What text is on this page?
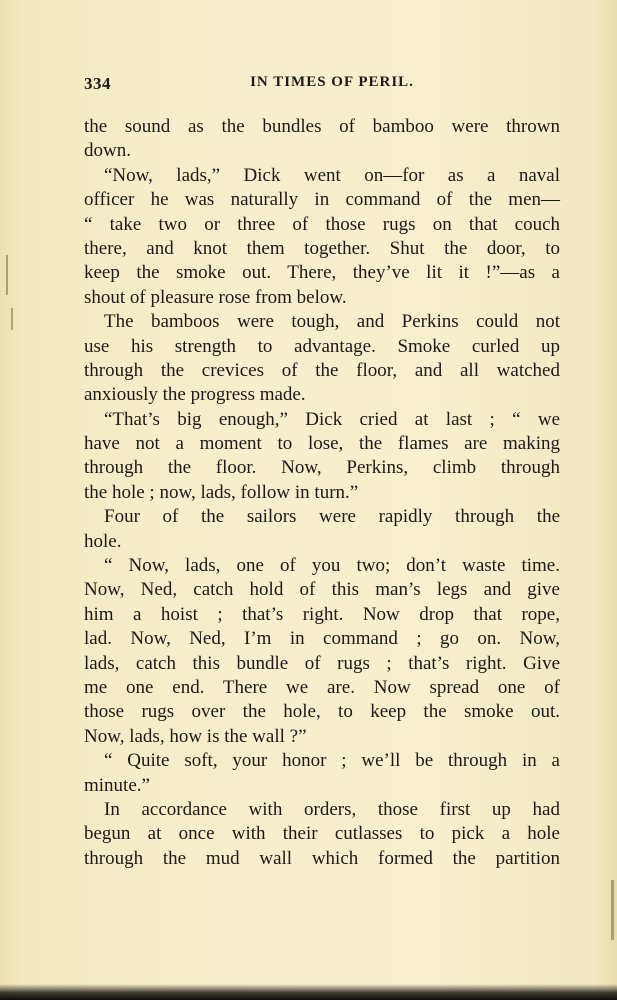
334	IN TIMES OF PERIL.
the sound as the bundles of bamboo were thrown
down.
“Now, lads,” Dick went on—for as a naval
officer he was naturally in command of the men—
“ take two or three of those rugs on that couch
there, and knot them together. Shut the door, to
keep the smoke out. There, they’ve lit it !”—as a
shout of pleasure rose from below.
The bamboos were tough, and Perkins could not
use his strength to advantage. Smoke curled up
through the crevices of the floor, and all watched
anxiously the progress made.
“That’s big enough,” Dick cried at last ; “ we
have not a moment to lose, the flames are making
through the floor. Now, Perkins, climb through
the hole ; now, lads, follow in turn.”
Four of the sailors were rapidly through the
hole.
“ Now, lads, one of you two; don’t waste time.
Now, Ned, catch hold of this man’s legs and give
him a hoist ; that’s right. Now drop that rope,
lad. Now, Ned, I’m in command ; go on. Now,
lads, catch this bundle of rugs ; that’s right. Give
me one end. There we are. Now spread one of
those rugs over the hole, to keep the smoke out.
Now, lads, how is the wall ?”
“ Quite soft, your honor ; we’ll be through in a
minute.”
In accordance with orders, those first up had
begun at once with their cutlasses to pick a hole
through the mud wall which formed the partition
